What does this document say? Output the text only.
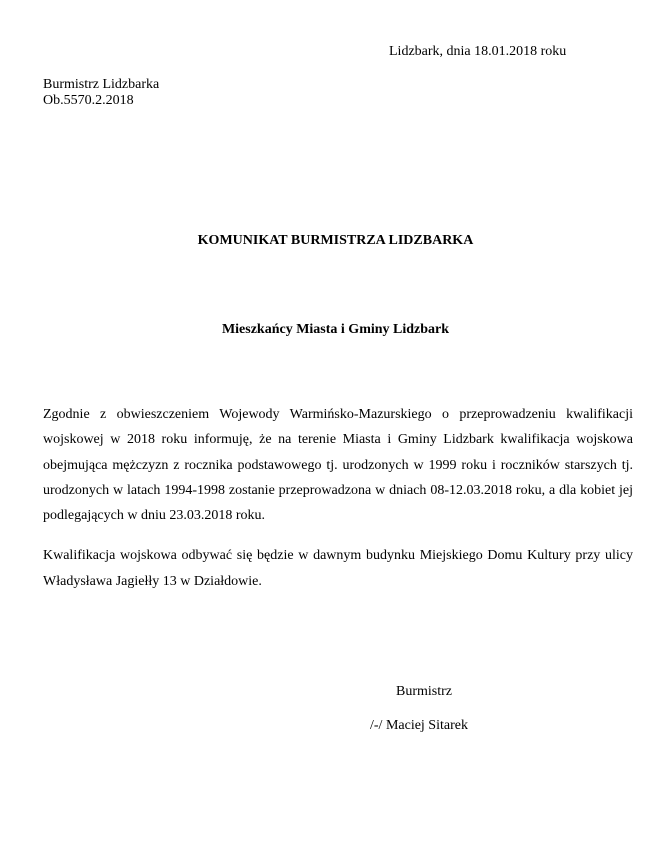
Lidzbark, dnia 18.01.2018 roku
Burmistrz Lidzbarka
Ob.5570.2.2018
KOMUNIKAT BURMISTRZA LIDZBARKA
Mieszkańcy Miasta i Gminy Lidzbark

Zgodnie z obwieszczeniem Wojewody Warmińsko-Mazurskiego o przeprowadzeniu kwalifikacji wojskowej w 2018 roku informuję, że na terenie Miasta i Gminy Lidzbark kwalifikacja wojskowa obejmująca mężczyzn z rocznika podstawowego tj. urodzonych w 1999 roku i roczników starszych tj. urodzonych w latach 1994-1998 zostanie przeprowadzona w dniach 08-12.03.2018 roku, a dla kobiet jej podlegających w dniu 23.03.2018 roku.

Kwalifikacja wojskowa odbywać się będzie w dawnym budynku Miejskiego Domu Kultury przy ulicy Władysława Jagiełły 13 w Działdowie.

Burmistrz
/-/ Maciej Sitarek
